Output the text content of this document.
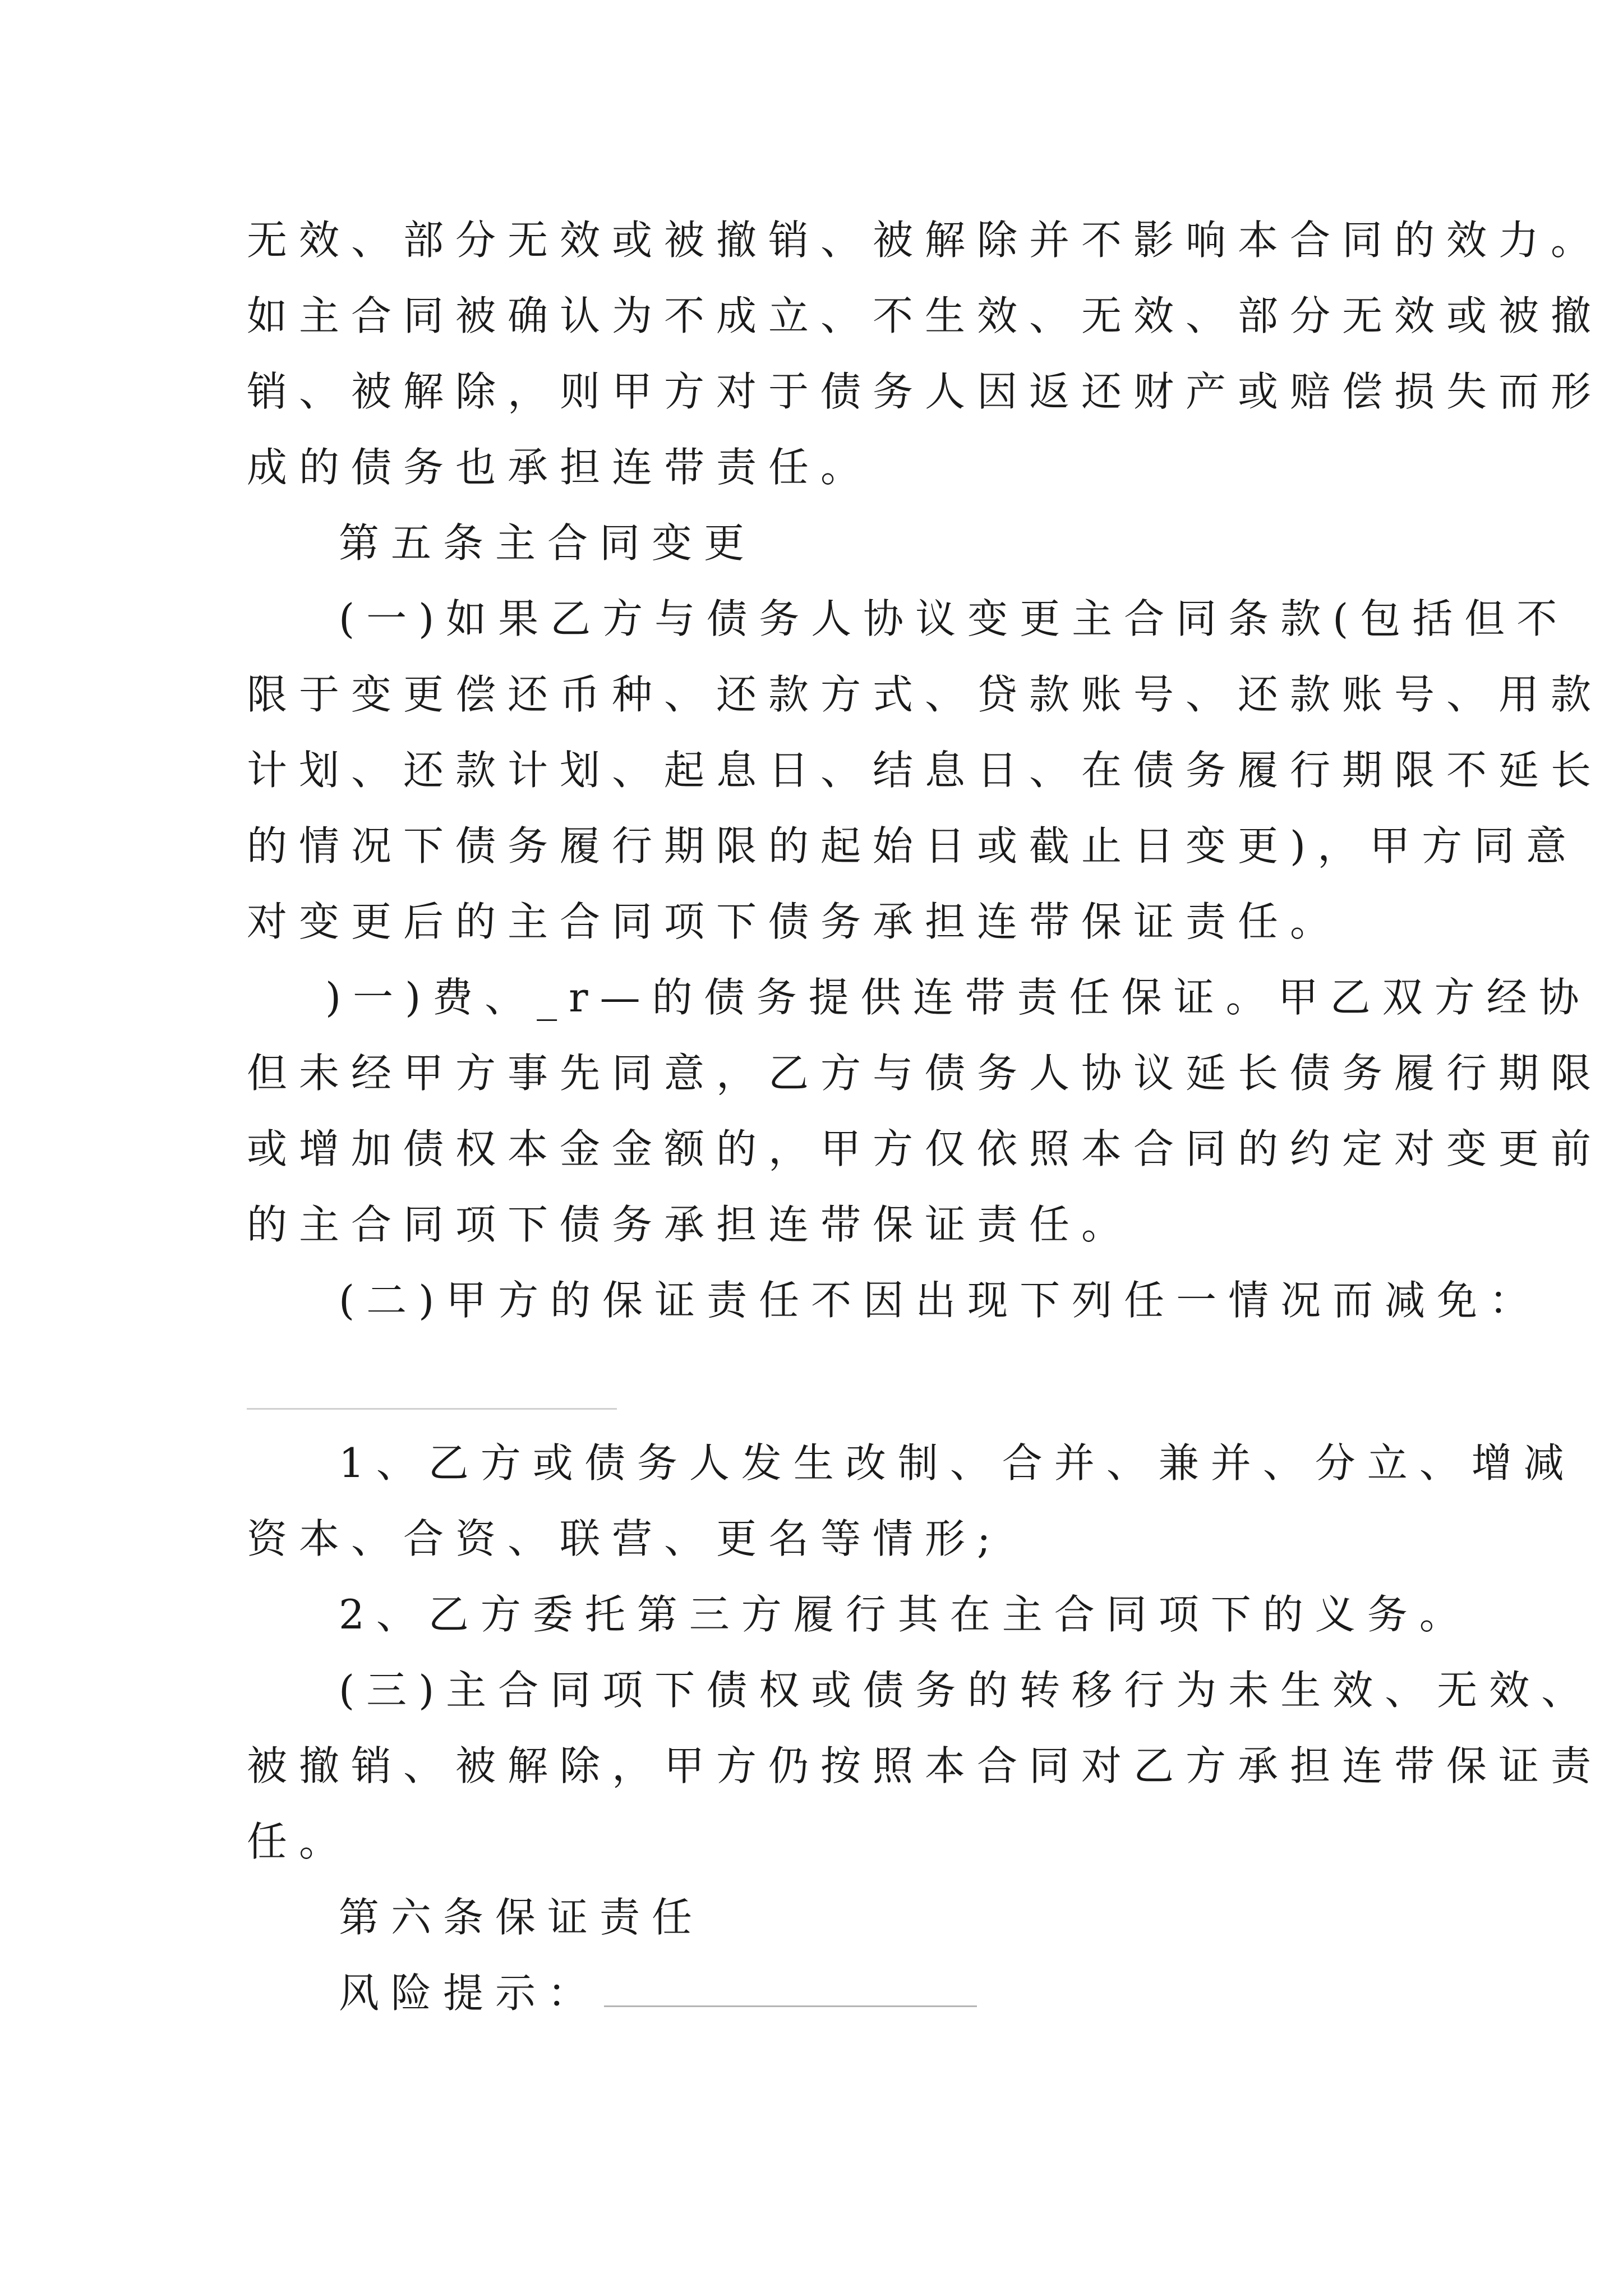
无效、部分无效或被撤销、被解除并不影响本合同的效力。

如主合同被确认为不成立、不生效、无效、部分无效或被撤

销、被解除，则甲方对于债务人因返还财产或赔偿损失而形

成的债务也承担连带责任。

第五条主合同变更

(一)如果乙方与债务人协议变更主合同条款(包括但不

限于变更偿还币种、还款方式、贷款账号、还款账号、用款

计划、还款计划、起息日、结息日、在债务履行期限不延长

的情况下债务履行期限的起始日或截止日变更)，甲方同意

对变更后的主合同项下债务承担连带保证责任。

)一)费、_r—的债务提供连带责任保证。甲乙双方经协

但未经甲方事先同意，乙方与债务人协议延长债务履行期限

或增加债权本金金额的，甲方仅依照本合同的约定对变更前

的主合同项下债务承担连带保证责任。

(二)甲方的保证责任不因出现下列任一情况而减免：

1、乙方或债务人发生改制、合并、兼并、分立、增减

资本、合资、联营、更名等情形;

2、乙方委托第三方履行其在主合同项下的义务。

(三)主合同项下债权或债务的转移行为未生效、无效、

被撤销、被解除，甲方仍按照本合同对乙方承担连带保证责

任。

第六条保证责任

风险提示：
